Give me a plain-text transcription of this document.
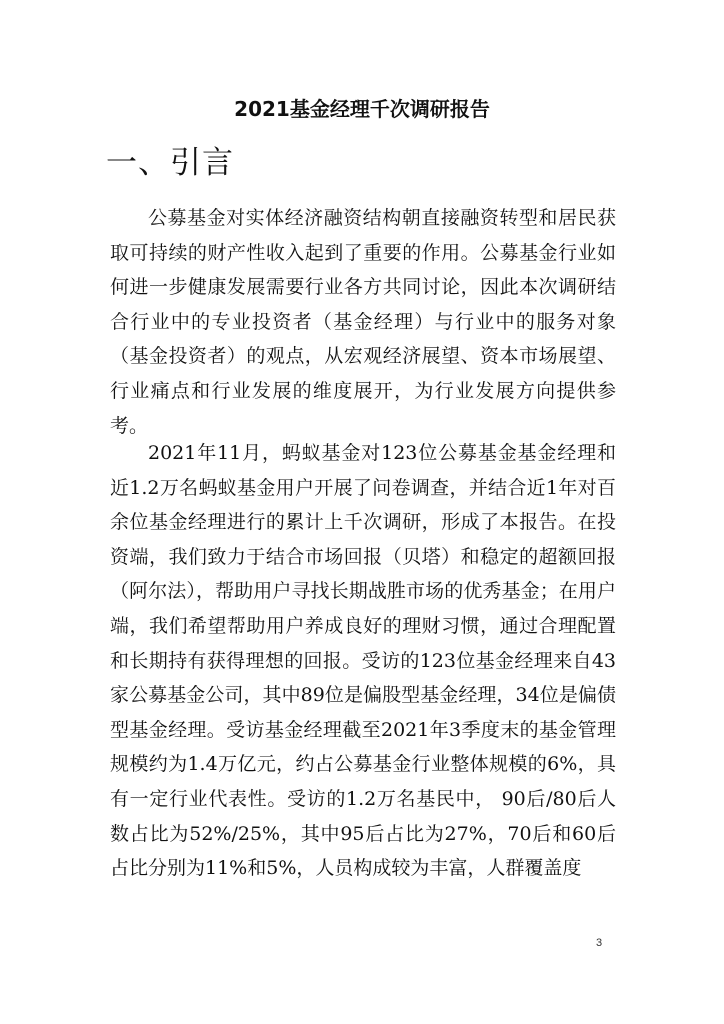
2021基金经理千次调研报告
一、引言

公募基金对实体经济融资结构朝直接融资转型和居民获取可持续的财产性收入起到了重要的作用。公募基金行业如何进一步健康发展需要行业各方共同讨论，因此本次调研结合行业中的专业投资者（基金经理）与行业中的服务对象（基金投资者）的观点，从宏观经济展望、资本市场展望、行业痛点和行业发展的维度展开，为行业发展方向提供参考。

2021年11月，蚂蚁基金对123位公募基金基金经理和近1.2万名蚂蚁基金用户开展了问卷调查，并结合近1年对百余位基金经理进行的累计上千次调研，形成了本报告。在投资端，我们致力于结合市场回报（贝塔）和稳定的超额回报（阿尔法），帮助用户寻找长期战胜市场的优秀基金；在用户端，我们希望帮助用户养成良好的理财习惯，通过合理配置和长期持有获得理想的回报。受访的123位基金经理来自43家公募基金公司，其中89位是偏股型基金经理，34位是偏债型基金经理。受访基金经理截至2021年3季度末的基金管理规模约为1.4万亿元，约占公募基金行业整体规模的6%，具有一定行业代表性。受访的1.2万名基民中， 90后/80后人数占比为52%/25%，其中95后占比为27%，70后和60后占比分别为11%和5%，人员构成较为丰富，人群覆盖度

3
